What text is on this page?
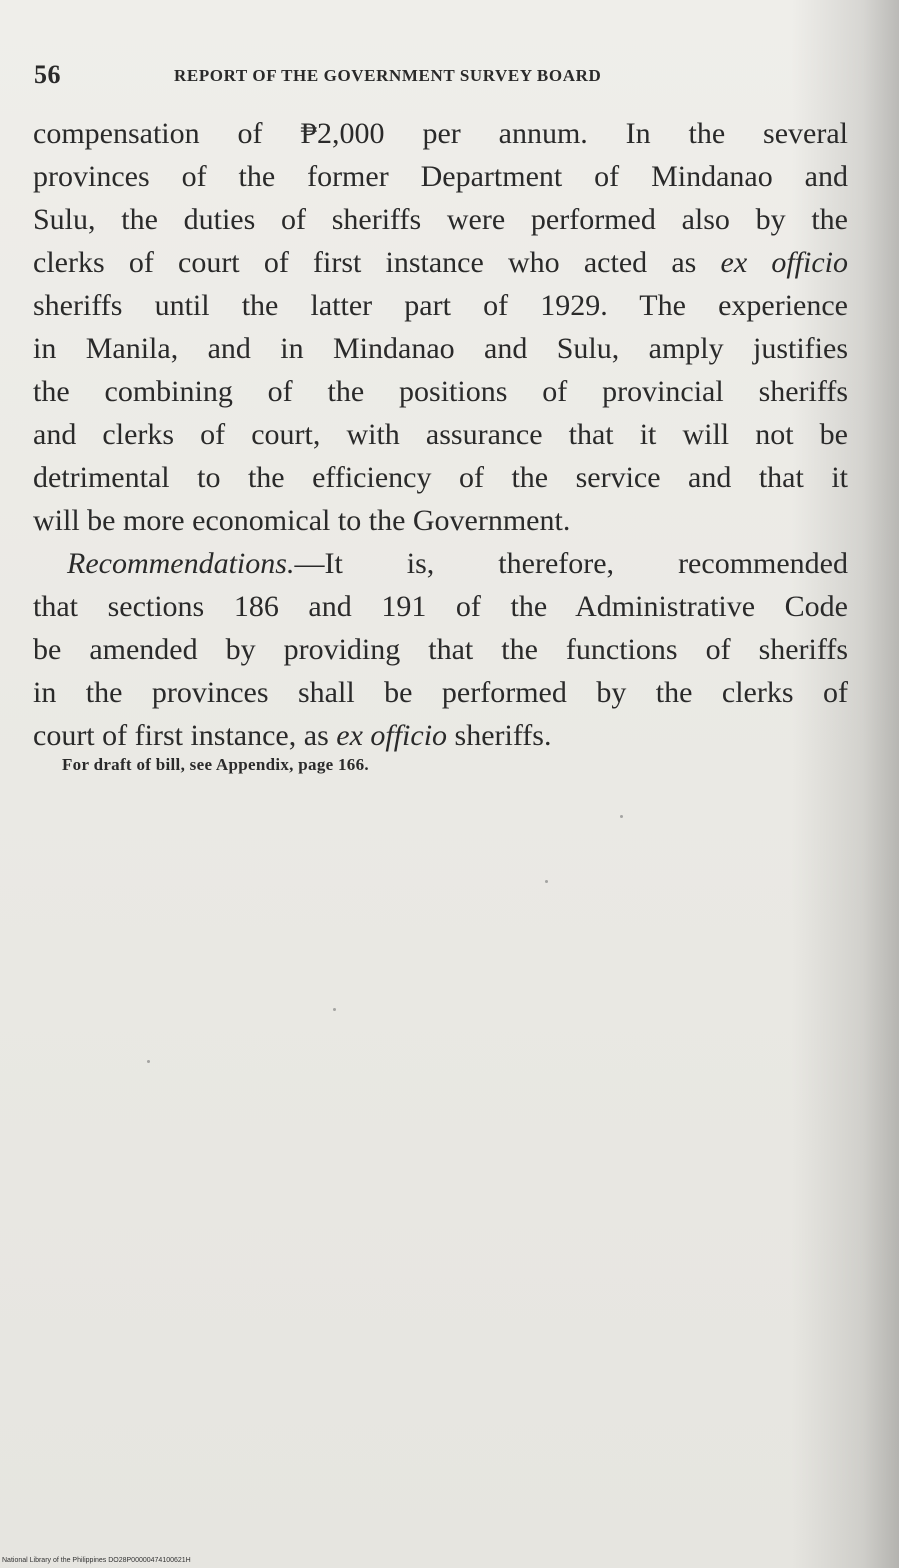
56	REPORT OF THE GOVERNMENT SURVEY BOARD
compensation of ₱2,000 per annum. In the several
provinces of the former Department of Mindanao and
Sulu, the duties of sheriffs were performed also by the
clerks of court of first instance who acted as ex officio
sheriffs until the latter part of 1929. The experience
in Manila, and in Mindanao and Sulu, amply justifies
the combining of the positions of provincial sheriffs
and clerks of court, with assurance that it will not be
detrimental to the efficiency of the service and that it
will be more economical to the Government.
Recommendations.—It is, therefore, recommended
that sections 186 and 191 of the Administrative Code
be amended by providing that the functions of sheriffs
in the provinces shall be performed by the clerks of
court of first instance, as ex officio sheriffs.
For draft of bill, see Appendix, page 166.
National Library of the Philippines DO28P00000474100621H
